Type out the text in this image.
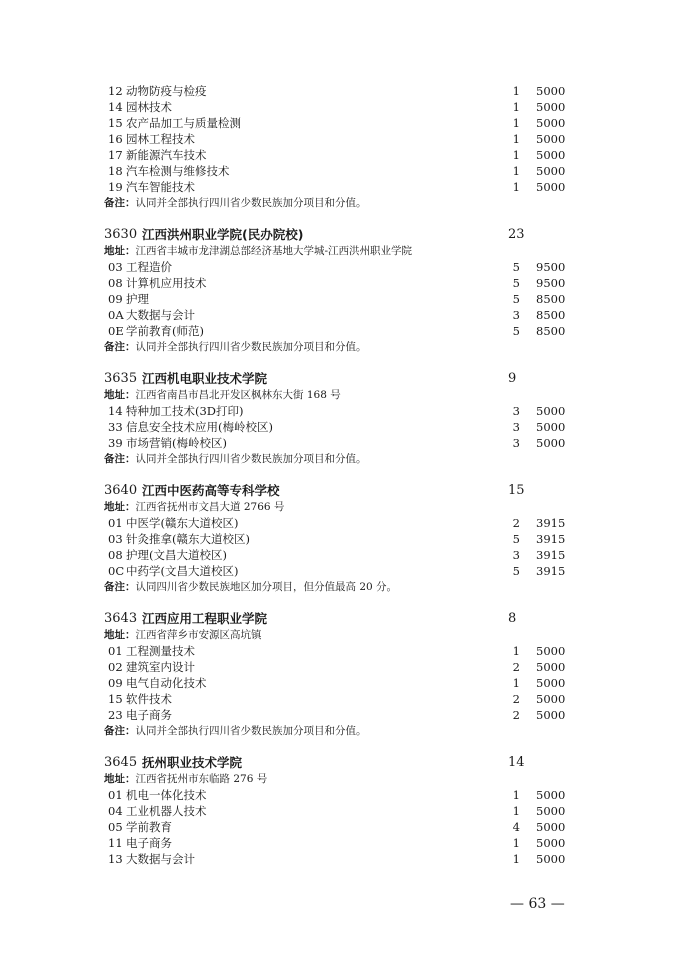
12 动物防疫与检疫	1 5000
14 园林技术	1 5000
15 农产品加工与质量检测	1 5000
16 园林工程技术	1 5000
17 新能源汽车技术	1 5000
18 汽车检测与维修技术	1 5000
19 汽车智能技术	1 5000
备注：认同并全部执行四川省少数民族加分项目和分值。
3630 江西洪州职业学院(民办院校)	23
地址：江西省丰城市龙津湖总部经济基地大学城-江西洪州职业学院
03 工程造价	5 9500
08 计算机应用技术	5 9500
09 护理	5 8500
0A 大数据与会计	3 8500
0E 学前教育(师范)	5 8500
备注：认同并全部执行四川省少数民族加分项目和分值。
3635 江西机电职业技术学院	9
地址：江西省南昌市昌北开发区枫林东大街 168 号
14 特种加工技术(3D打印)	3 5000
33 信息安全技术应用(梅岭校区)	3 5000
39 市场营销(梅岭校区)	3 5000
备注：认同并全部执行四川省少数民族加分项目和分值。
3640 江西中医药高等专科学校	15
地址：江西省抚州市文昌大道 2766 号
01 中医学(赣东大道校区)	2 3915
03 针灸推拿(赣东大道校区)	5 3915
08 护理(文昌大道校区)	3 3915
0C 中药学(文昌大道校区)	5 3915
备注：认同四川省少数民族地区加分项目，但分值最高 20 分。
3643 江西应用工程职业学院	8
地址：江西省萍乡市安源区高坑镇
01 工程测量技术	1 5000
02 建筑室内设计	2 5000
09 电气自动化技术	1 5000
15 软件技术	2 5000
23 电子商务	2 5000
备注：认同并全部执行四川省少数民族加分项目和分值。
3645 抚州职业技术学院	14
地址：江西省抚州市东临路 276 号
01 机电一体化技术	1 5000
04 工业机器人技术	1 5000
05 学前教育	4 5000
11 电子商务	1 5000
13 大数据与会计	1 5000
— 63 —
